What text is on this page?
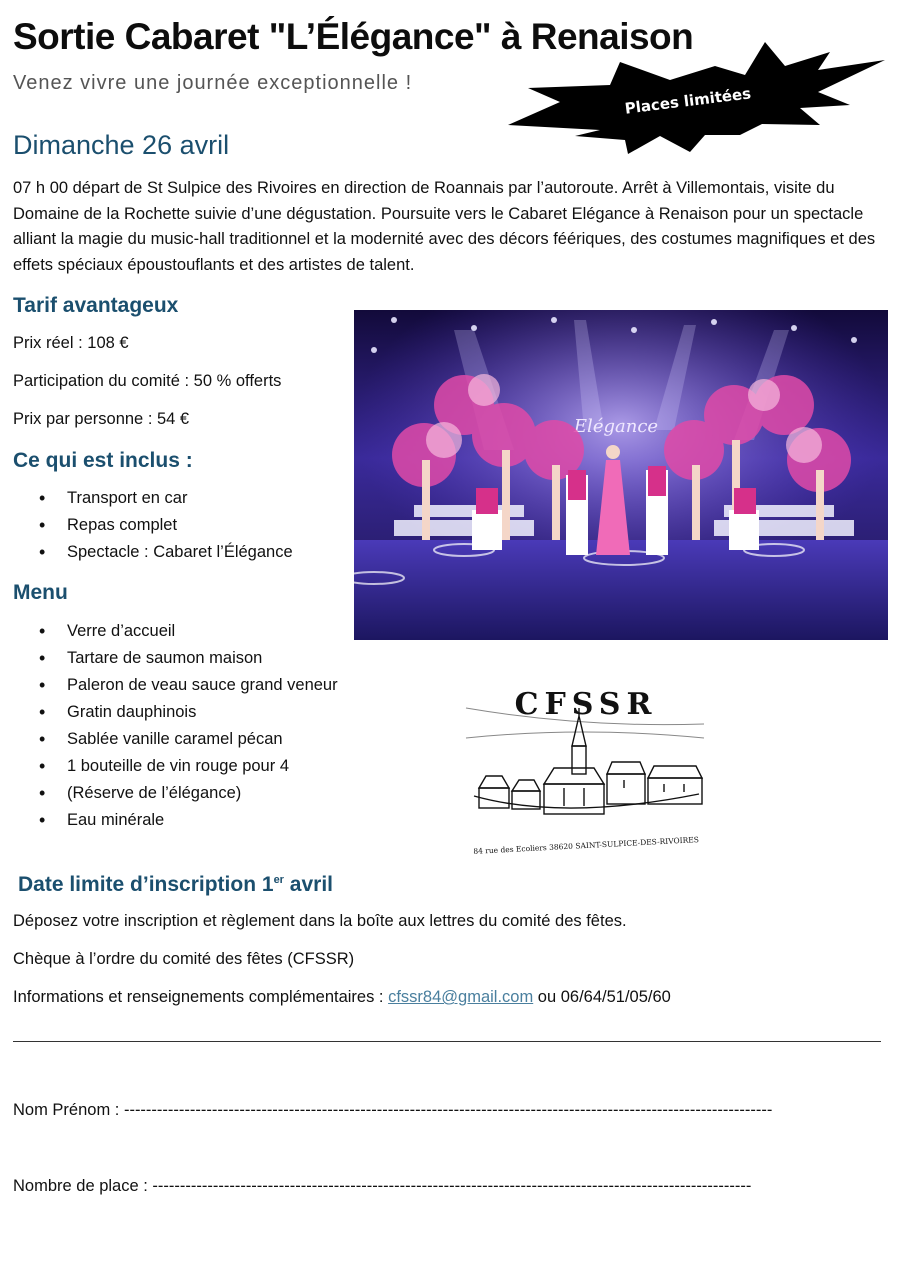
Sortie Cabaret "L’Élégance" à Renaison
Venez vivre une journée exceptionnelle !
Places limitées
Dimanche 26 avril
07 h 00 départ de St Sulpice des Rivoires en direction de Roannais par l’autoroute. Arrêt à Villemontais, visite du Domaine de la Rochette suivie d’une dégustation. Poursuite vers le Cabaret Elégance à Renaison pour un spectacle alliant la magie du music-hall traditionnel et la modernité avec des décors féériques, des costumes magnifiques et des effets spéciaux époustouflants et des artistes de talent.
Tarif avantageux
Prix réel : 108 €
Participation du comité : 50 % offerts
Prix par personne : 54 €
Ce qui est inclus :
• Transport en car
• Repas complet
• Spectacle : Cabaret l’Élégance
Menu
• Verre d’accueil
• Tartare de saumon maison
• Paleron de veau sauce grand veneur
• Gratin dauphinois
• Sablée vanille caramel pécan
• 1 bouteille de vin rouge pour 4
• (Réserve de l’élégance)
• Eau minérale
Elégance
CFSSR
84 rue des Ecoliers 38620 SAINT-SULPICE-DES-RIVOIRES
Date limite d’inscription 1er avril
Déposez votre inscription et règlement dans la boîte aux lettres du comité des fêtes.
Chèque à l’ordre du comité des fêtes (CFSSR)
Informations et renseignements complémentaires : cfssr84@gmail.com ou 06/64/51/05/60
Nom Prénom : ----------------------------------------------------------------------------------------------------------------------
Nombre de place : -------------------------------------------------------------------------------------------------------------
